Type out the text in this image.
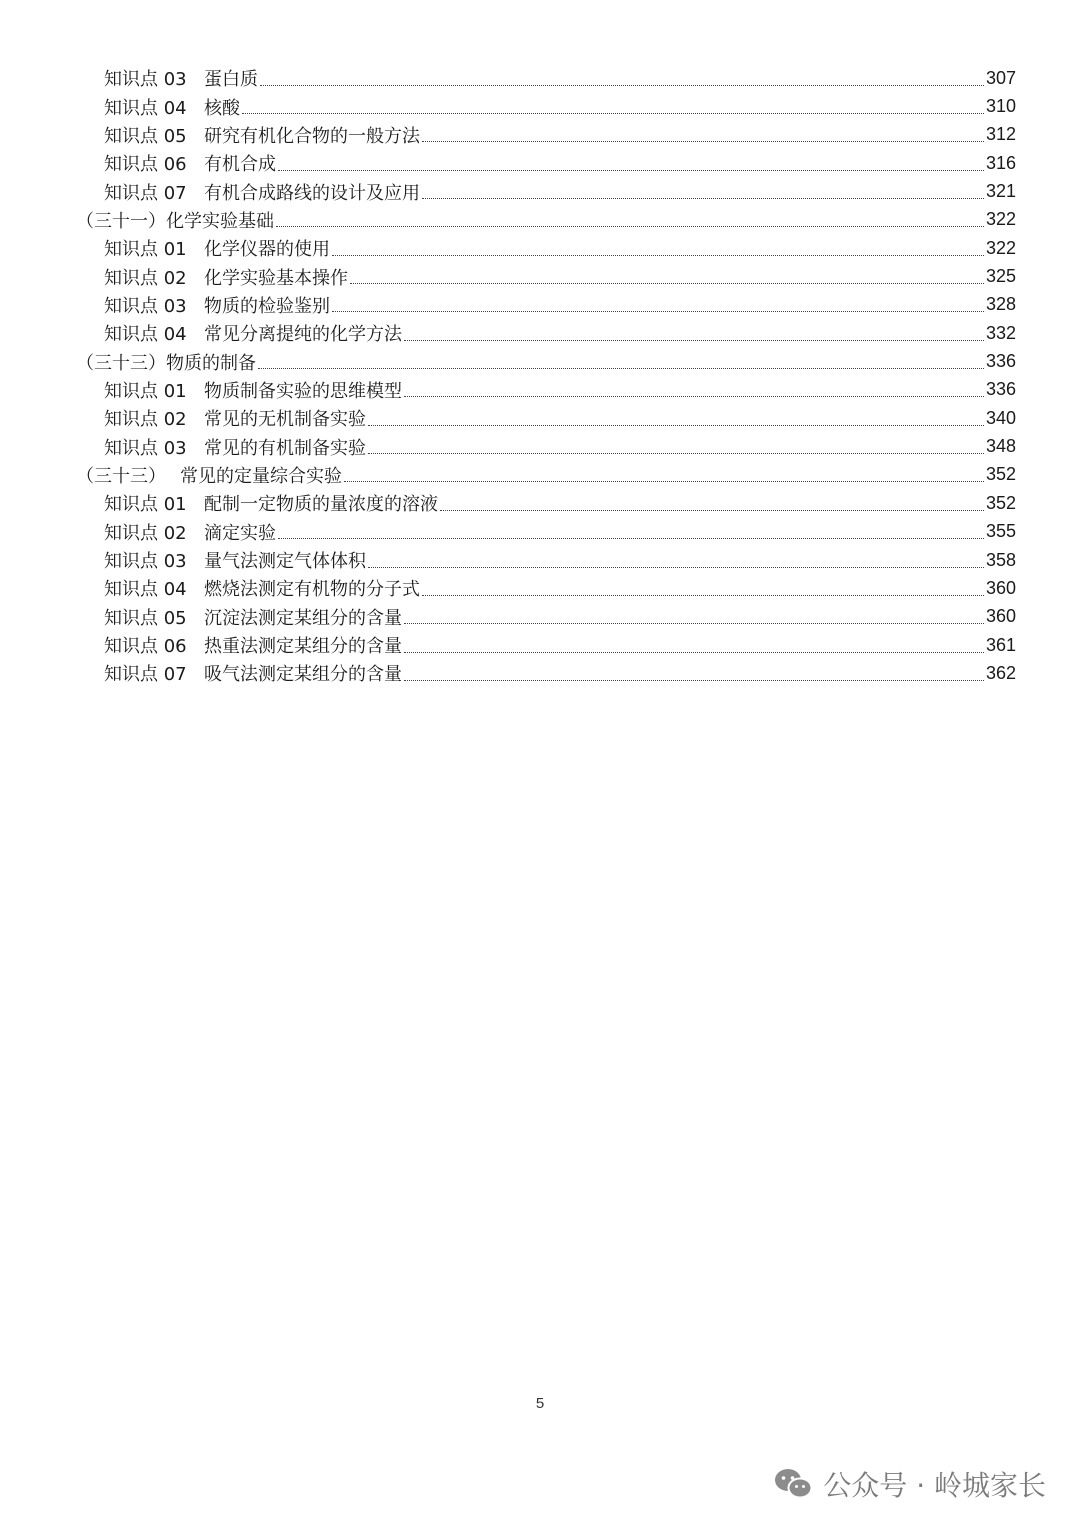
知识点 03 蛋白质	307
知识点 04 核酸	310
知识点 05 研究有机化合物的一般方法	312
知识点 06 有机合成	316
知识点 07 有机合成路线的设计及应用	321
（三十一） 化学实验基础	322
知识点 01 化学仪器的使用	322
知识点 02 化学实验基本操作	325
知识点 03 物质的检验鉴别	328
知识点 04 常见分离提纯的化学方法	332
（三十三） 物质的制备	336
知识点 01 物质制备实验的思维模型	336
知识点 02 常见的无机制备实验	340
知识点 03 常见的有机制备实验	348
（三十三） 常见的定量综合实验	352
知识点 01 配制一定物质的量浓度的溶液	352
知识点 02 滴定实验	355
知识点 03 量气法测定气体体积	358
知识点 04 燃烧法测定有机物的分子式	360
知识点 05 沉淀法测定某组分的含量	360
知识点 06 热重法测定某组分的含量	361
知识点 07 吸气法测定某组分的含量	362
5
公众号 · 岭城家长
